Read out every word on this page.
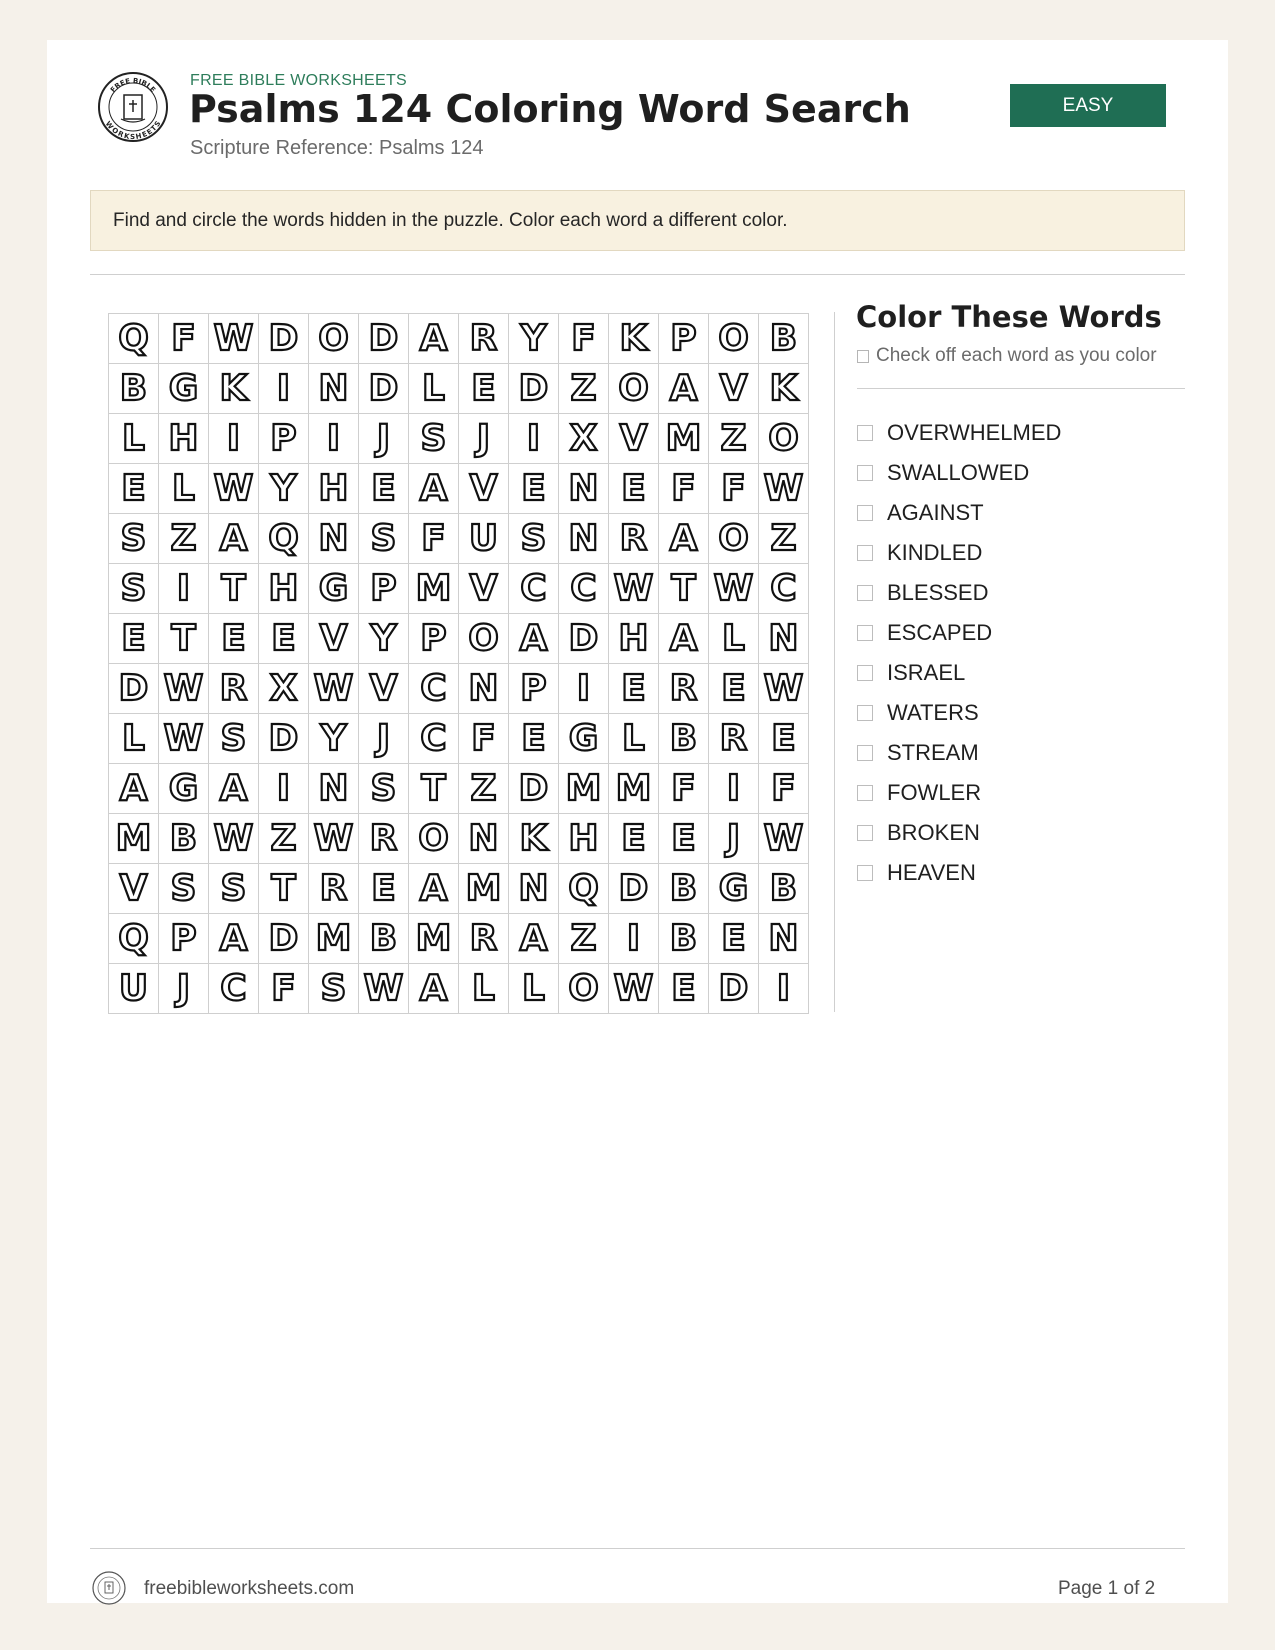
FREE BIBLE
WORKSHEETS
FREE BIBLE WORKSHEETS
Psalms 124 Coloring Word Search
Scripture Reference: Psalms 124
EASY
Find and circle the words hidden in the puzzle. Color each word a different color.
Q F W D O D A R Y F K P O B
B G K I N D L E D Z O A V K
L H I P I	J S J	I X V M Z O
E L W Y H E A V E N E F F W
S Z A Q N S F U S N R A O Z
S I T H G P M V C C W T W C
E T E E V Y P O A D H A L N
D W R X W V C N P I E R E W
L W S D Y J C F E G L B R E
A G A I N S T Z D M M F I F
M B W Z W R O N K H E E J W
V S S T R E A M N Q D B G B
Q P A D M B M R A Z I B E N
U J C F S W A L L O W E D I
Color These Words
Check off each word as you color
OVERWHELMED
SWALLOWED
AGAINST
KINDLED
BLESSED
ESCAPED
ISRAEL
WATERS
STREAM
FOWLER
BROKEN
HEAVEN
freebibleworksheets.com	Page 1 of 2
